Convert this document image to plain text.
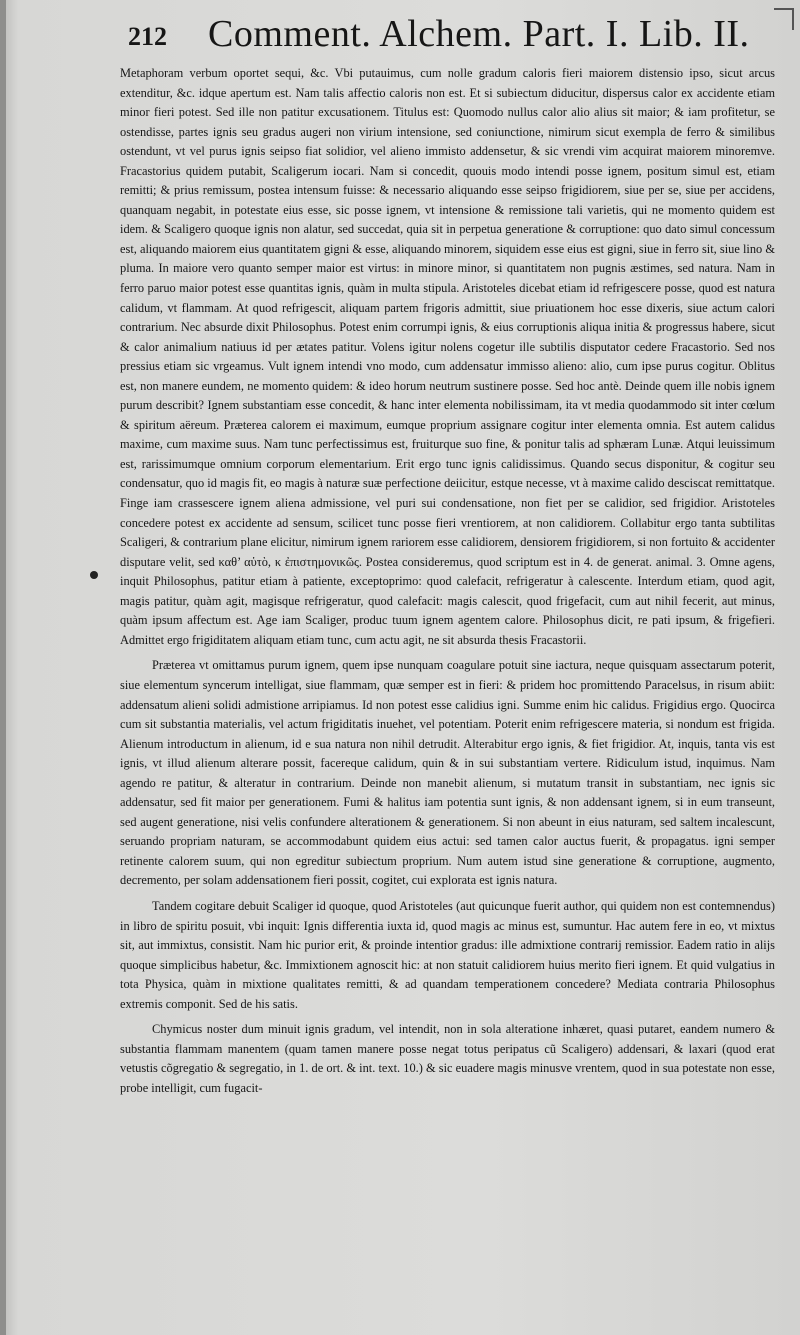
212 Comment. Alchem. Part. I. Lib. II.

Metaphoram verbum oportet sequi, &c. Vbi putauimus, cum nolle gradum caloris fieri maiorem distensio ipso, sicut arcus extenditur, &c. idque apertum est. Nam talis affectio caloris non est. Et si subiectum diducitur, dispersus calor ex accidente etiam minor fieri potest. Sed ille non patitur excusationem. Titulus est: Quomodo nullus calor alio alius sit maior; & iam profitetur, se ostendisse, partes ignis seu gradus augeri non virium intensione, sed coniunctione, nimirum sicut exempla de ferro & similibus ostendunt, vt vel purus ignis seipso fiat solidior, vel alieno immisto addensetur, & sic vrendi vim acquirat maiorem minoremve. Fracastorius quidem putabit, Scaligerum iocari. Nam si concedit, quouis modo intendi posse ignem, positum simul est, etiam remitti; & prius remissum, postea intensum fuisse: & necessario aliquando esse seipso frigidiorem, siue per se, siue per accidens, quanquam negabit, in potestate eius esse, sic posse ignem, vt intensione & remissione tali varietis, qui ne momento quidem est idem. & Scaligero quoque ignis non alatur, sed succedat, quia sit in perpetua generatione & corruptione: quo dato simul concessum est, aliquando maiorem eius quantitatem gigni & esse, aliquando minorem, siquidem esse eius est gigni, siue in ferro sit, siue lino & pluma. In maiore vero quanto semper maior est virtus: in minore minor, si quantitatem non pugnis æstimes, sed natura. Nam in ferro paruo maior potest esse quantitas ignis, quàm in multa stipula. Aristoteles dicebat etiam id refrigescere posse, quod est natura calidum, vt flammam. At quod refrigescit, aliquam partem frigoris admittit, siue priuationem hoc esse dixeris, siue actum calori contrarium. Nec absurde dixit Philosophus. Potest enim corrumpi ignis, & eius corruptionis aliqua initia & progressus habere, sicut & calor animalium natiuus id per ætates patitur. Volens igitur nolens cogetur ille subtilis disputator cedere Fracastorio. Sed nos pressius etiam sic vrgeamus. Vult ignem intendi vno modo, cum addensatur immisso alieno: alio, cum ipse purus cogitur. Oblitus est, non manere eundem, ne momento quidem: & ideo horum neutrum sustinere posse. Sed hoc antè. Deinde quem ille nobis ignem purum describit? Ignem substantiam esse concedit, & hanc inter elementa nobilissimam, ita vt media quodammodo sit inter cœlum & spiritum aëreum. Præterea calorem ei maximum, eumque proprium assignare cogitur inter elementa omnia. Est autem calidus maxime, cum maxime suus. Nam tunc perfectissimus est, fruiturque suo fine, & ponitur talis ad sphæram Lunæ. Atqui leuissimum est, rarissimumque omnium corporum elementarium. Erit ergo tunc ignis calidissimus. Quando secus disponitur, & cogitur seu condensatur, quo id magis fit, eo magis à naturæ suæ perfectione deiicitur, estque necesse, vt à maxime calido desciscat remittatque. Finge iam crassescere ignem aliena admissione, vel puri sui condensatione, non fiet per se calidior, sed frigidior. Aristoteles concedere potest ex accidente ad sensum, scilicet tunc posse fieri vrentiorem, at non calidiorem. Collabitur ergo tanta subtilitas Scaligeri, & contrarium plane elicitur, nimirum ignem rariorem esse calidiorem, densiorem frigidiorem, si non fortuito & accidenter disputare velit, sed καθ’ αὑτὸ, κ ἐπιστημονικῶς. Postea consideremus, quod scriptum est in 4. de generat. animal. 3. Omne agens, inquit Philosophus, patitur etiam à patiente, exceptoprimo: quod calefacit, refrigeratur à calescente. Interdum etiam, quod agit, magis patitur, quàm agit, magisque refrigeratur, quod calefacit: magis calescit, quod frigefacit, cum aut nihil fecerit, aut minus, quàm ipsum affectum est. Age iam Scaliger, produc tuum ignem agentem calore. Philosophus dicit, re pati ipsum, & frigefieri. Admittet ergo frigiditatem aliquam etiam tunc, cum actu agit, ne sit absurda thesis Fracastorii.

Præterea vt omittamus purum ignem, quem ipse nunquam coagulare potuit sine iactura, neque quisquam assectarum poterit, siue elementum syncerum intelligat, siue flammam, quæ semper est in fieri: & pridem hoc promittendo Paracelsus, in risum abiit: addensatum alieni solidi admistione arripiamus. Id non potest esse calidius igni. Summe enim hic calidus. Frigidius ergo. Quocirca cum sit substantia materialis, vel actum frigiditatis inuehet, vel potentiam. Poterit enim refrigescere materia, si nondum est frigida. Alienum introductum in alienum, id e sua natura non nihil detrudit. Alterabitur ergo ignis, & fiet frigidior. At, inquis, tanta vis est ignis, vt illud alienum alterare possit, facereque calidum, quin & in sui substantiam vertere. Ridiculum istud, inquimus. Nam agendo re patitur, & alteratur in contrarium. Deinde non manebit alienum, si mutatum transit in substantiam, nec ignis sic addensatur, sed fit maior per generationem. Fumi & halitus iam potentia sunt ignis, & non addensant ignem, si in eum transeunt, sed augent generatione, nisi velis confundere alterationem & generationem. Si non abeunt in eius naturam, sed saltem incalescunt, seruando propriam naturam, se accommodabunt quidem eius actui: sed tamen calor auctus fuerit, & propagatus. igni semper retinente calorem suum, qui non egreditur subiectum proprium. Num autem istud sine generatione & corruptione, augmento, decremento, per solam addensationem fieri possit, cogitet, cui explorata est ignis natura.

Tandem cogitare debuit Scaliger id quoque, quod Aristoteles (aut quicunque fuerit author, qui quidem non est contemnendus) in libro de spiritu posuit, vbi inquit: Ignis differentia iuxta id, quod magis ac minus est, sumuntur. Hac autem fere in eo, vt mixtus sit, aut immixtus, consistit. Nam hic purior erit, & proinde intentior gradus: ille admixtione contrarij remissior. Eadem ratio in alijs quoque simplicibus habetur, &c. Immixtionem agnoscit hic: at non statuit calidiorem huius merito fieri ignem. Et quid vulgatius in tota Physica, quàm in mixtione qualitates remitti, & ad quandam temperationem concedere? Mediata contraria Philosophus extremis componit. Sed de his satis.

Chymicus noster dum minuit ignis gradum, vel intendit, non in sola alteratione inhæret, quasi putaret, eandem numero & substantia flammam manentem (quam tamen manere posse negat totus peripatus cũ Scaligero) addensari, & laxari (quod erat vetustis cõgregatio & segregatio, in 1. de ort. & int. text. 10.) & sic euadere magis minusve vrentem, quod in sua potestate non esse, probe intelligit, cum fugacit-
